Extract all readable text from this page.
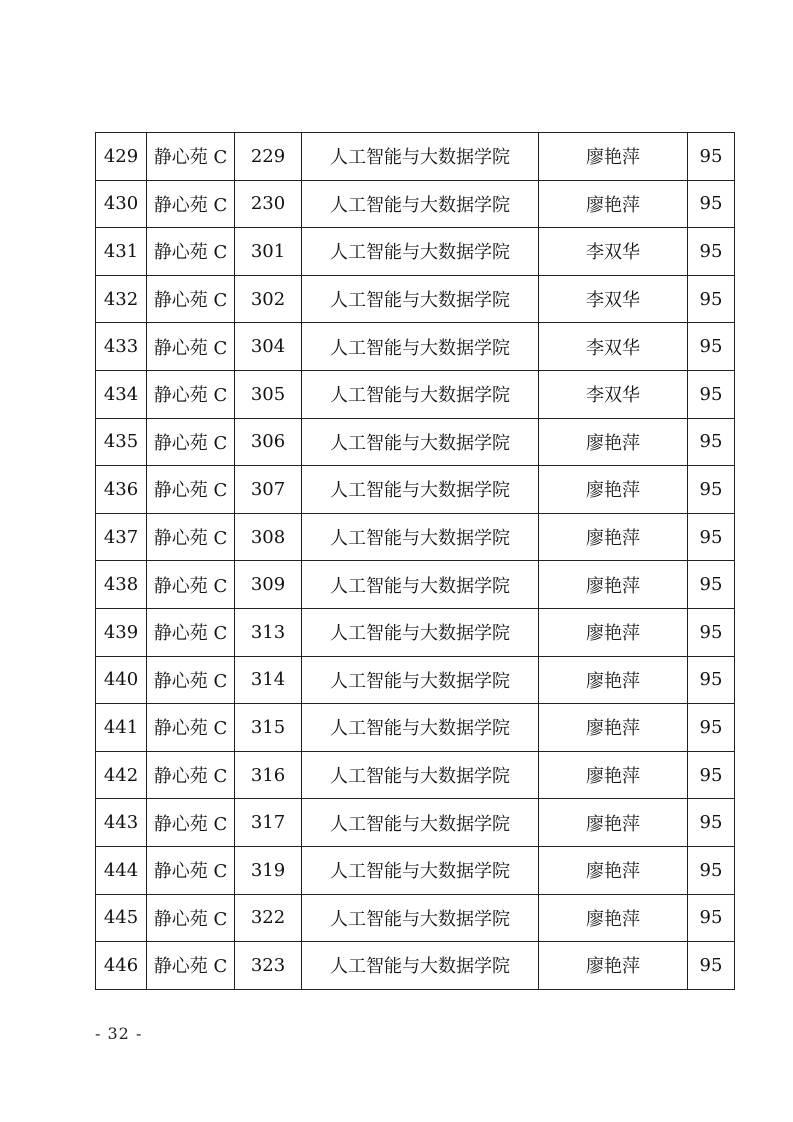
429	静心苑 C	229	人工智能与大数据学院	廖艳萍	95
430	静心苑 C	230	人工智能与大数据学院	廖艳萍	95
431	静心苑 C	301	人工智能与大数据学院	李双华	95
432	静心苑 C	302	人工智能与大数据学院	李双华	95
433	静心苑 C	304	人工智能与大数据学院	李双华	95
434	静心苑 C	305	人工智能与大数据学院	李双华	95
435	静心苑 C	306	人工智能与大数据学院	廖艳萍	95
436	静心苑 C	307	人工智能与大数据学院	廖艳萍	95
437	静心苑 C	308	人工智能与大数据学院	廖艳萍	95
438	静心苑 C	309	人工智能与大数据学院	廖艳萍	95
439	静心苑 C	313	人工智能与大数据学院	廖艳萍	95
440	静心苑 C	314	人工智能与大数据学院	廖艳萍	95
441	静心苑 C	315	人工智能与大数据学院	廖艳萍	95
442	静心苑 C	316	人工智能与大数据学院	廖艳萍	95
443	静心苑 C	317	人工智能与大数据学院	廖艳萍	95
444	静心苑 C	319	人工智能与大数据学院	廖艳萍	95
445	静心苑 C	322	人工智能与大数据学院	廖艳萍	95
446	静心苑 C	323	人工智能与大数据学院	廖艳萍	95
- 32 -
